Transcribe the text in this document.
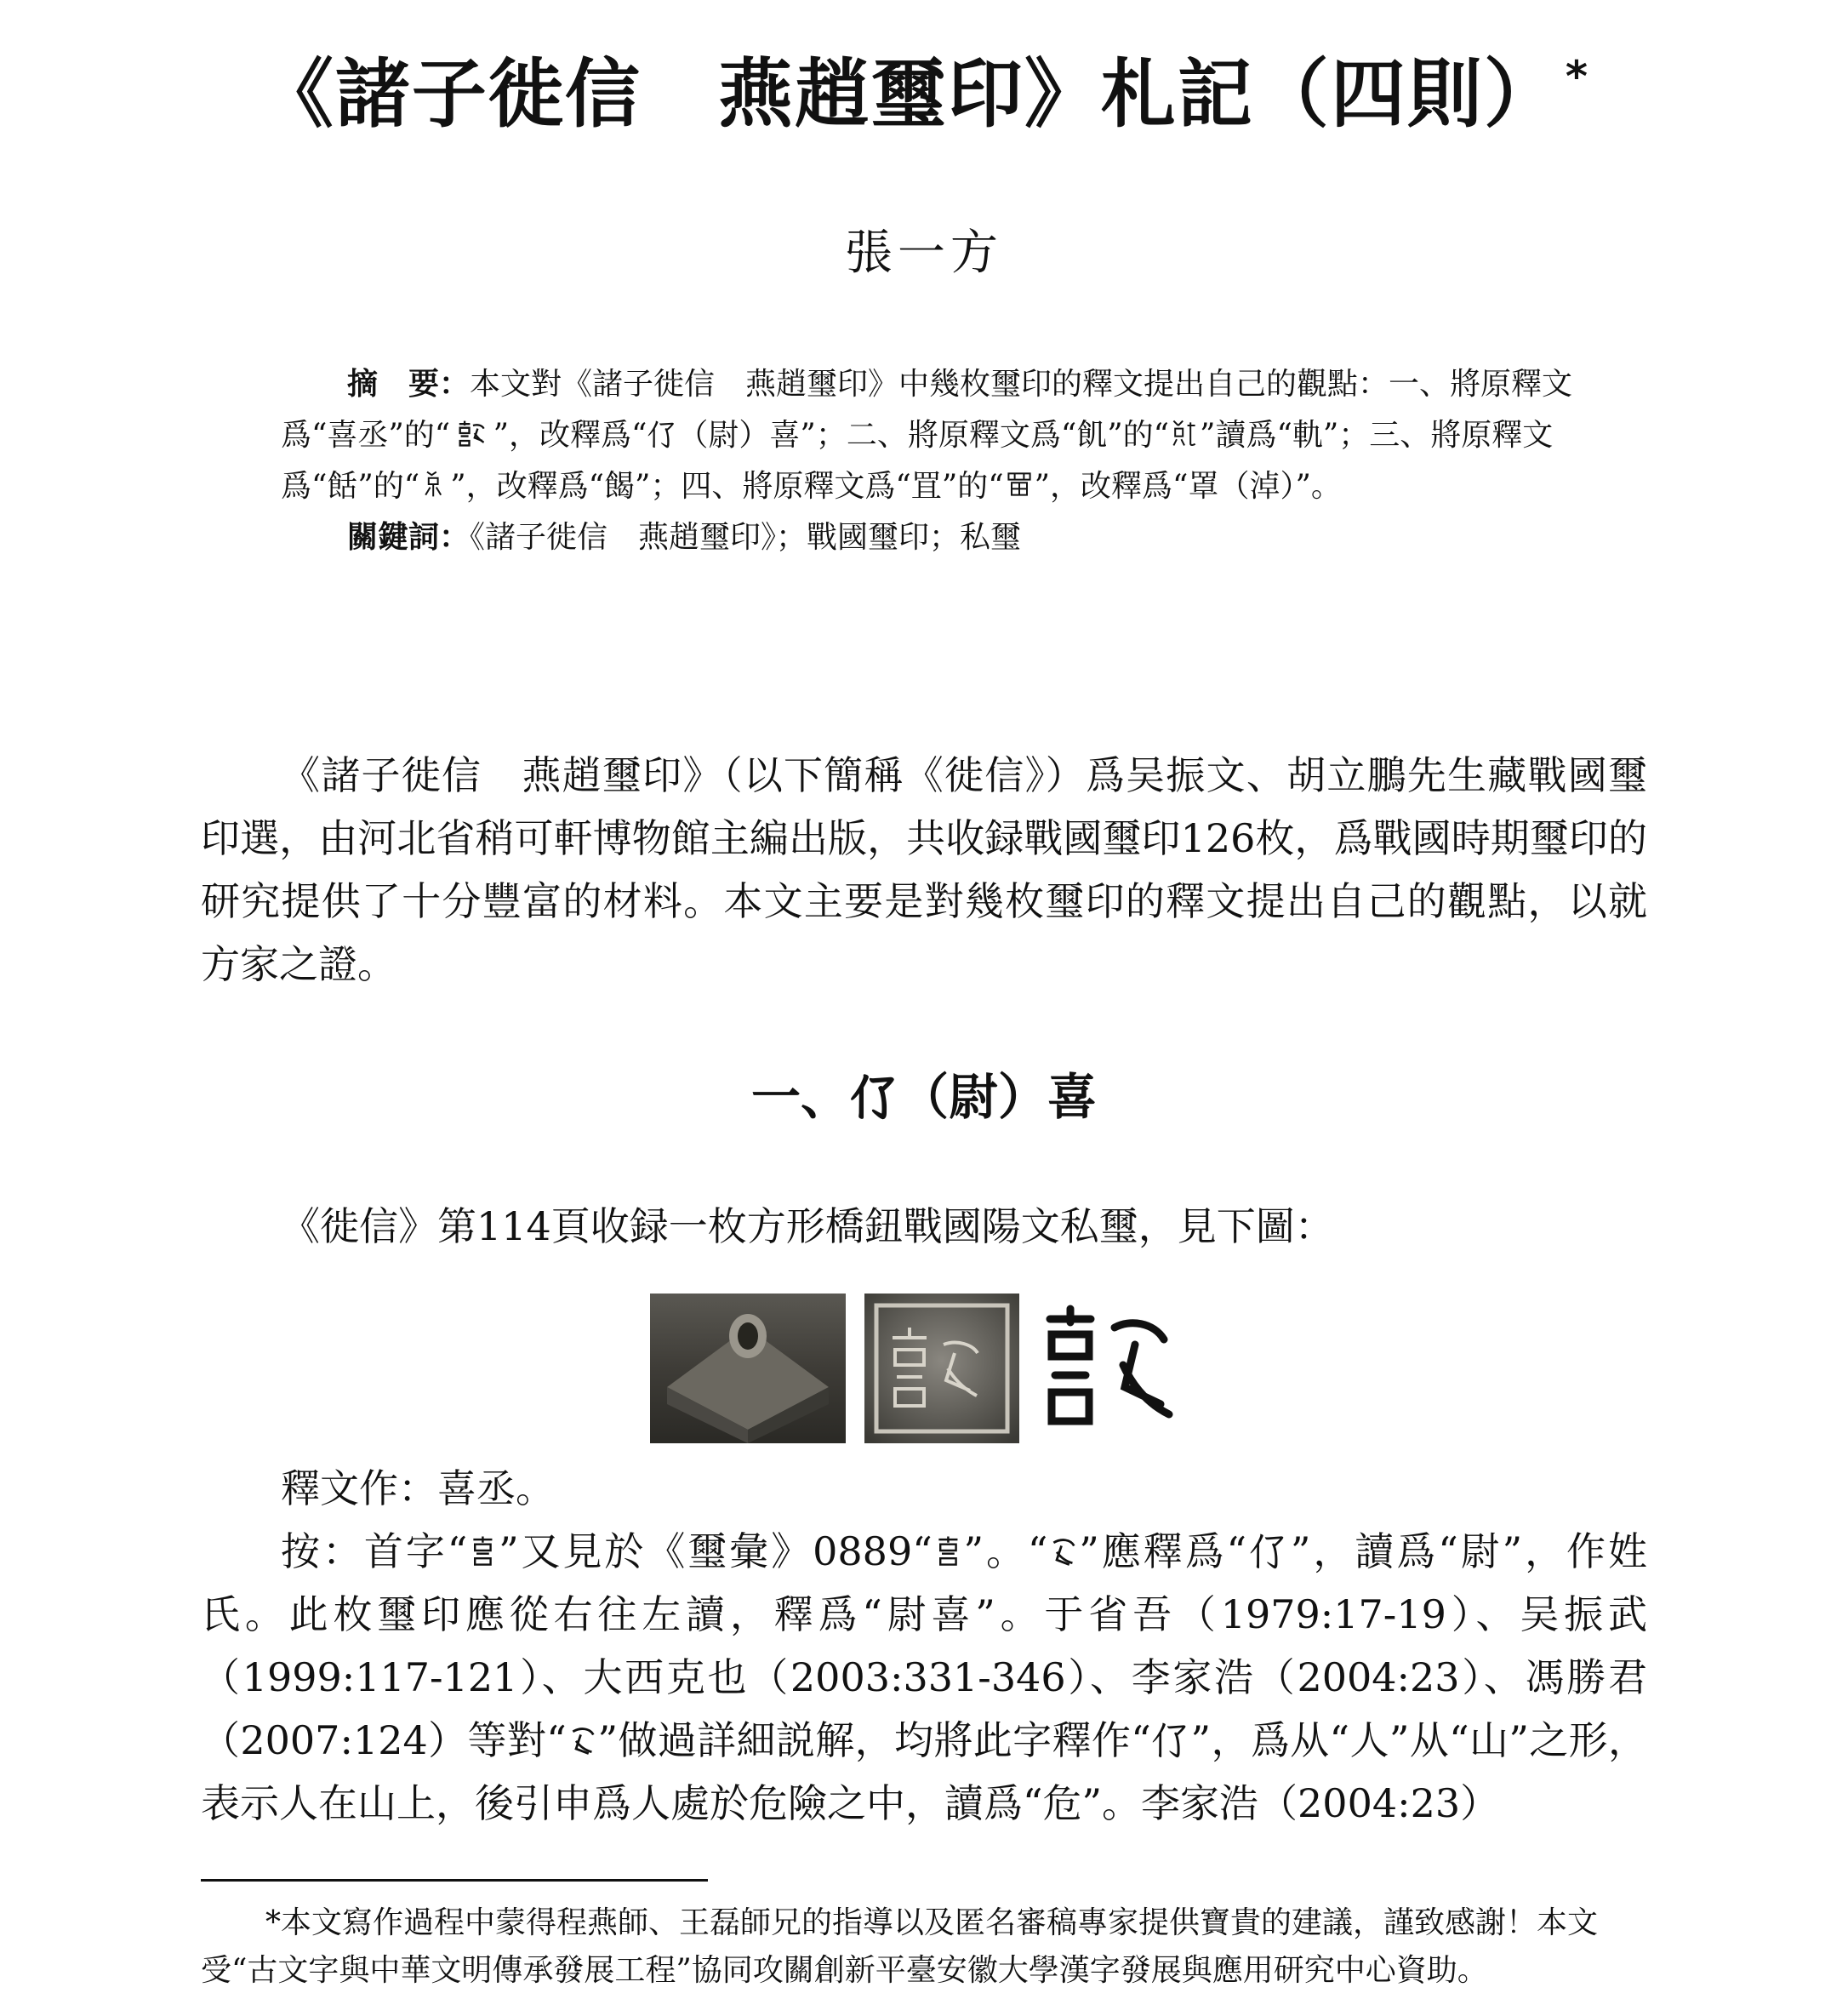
《諸子徙信　燕趙璽印》札記（四則） *
張一方

摘　要：本文對《諸子徙信　燕趙璽印》中幾枚璽印的釋文提出自己的觀點：一、將原釋文爲“喜丞”的“ ”，改釋爲“𠆨（尉）喜”；二、將原釋文爲“飢”的“ ”讀爲“軌”；三、將原釋文爲“餂”的“ ”，改釋爲“餲”；四、將原釋文爲“罝”的“ ”，改釋爲“罩（淖）”。

關鍵詞：《諸子徙信　燕趙璽印》；戰國璽印；私璽

《諸子徙信　燕趙璽印》（以下簡稱《徙信》）爲吴振文、胡立鵬先生藏戰國璽印選，由河北省稍可軒博物館主編出版，共收録戰國璽印126枚，爲戰國時期璽印的研究提供了十分豐富的材料。本文主要是對幾枚璽印的釋文提出自己的觀點，以就方家之證。

一、𠆨（尉）喜

《徙信》第114頁收録一枚方形橋鈕戰國陽文私璽，見下圖：

釋文作：喜丞。

按：首字“ ”又見於《璽彙》0889“ ”。“ ”應釋爲“𠆨”，讀爲“尉”，作姓氏。此枚璽印應從右往左讀，釋爲“尉喜”。于省吾（1979:17-19）、吴振武（1999:117-121）、大西克也（2003:331-346）、李家浩（2004:23）、馮勝君（2007:124）等對“ ”做過詳細説解，均將此字釋作“𠆨”，爲从“人”从“山”之形，表示人在山上，後引申爲人處於危險之中，讀爲“危”。李家浩（2004:23）

*本文寫作過程中蒙得程燕師、王磊師兄的指導以及匿名審稿專家提供寶貴的建議，謹致感謝！本文受“古文字與中華文明傳承發展工程”協同攻關創新平臺安徽大學漢字發展與應用研究中心資助。
